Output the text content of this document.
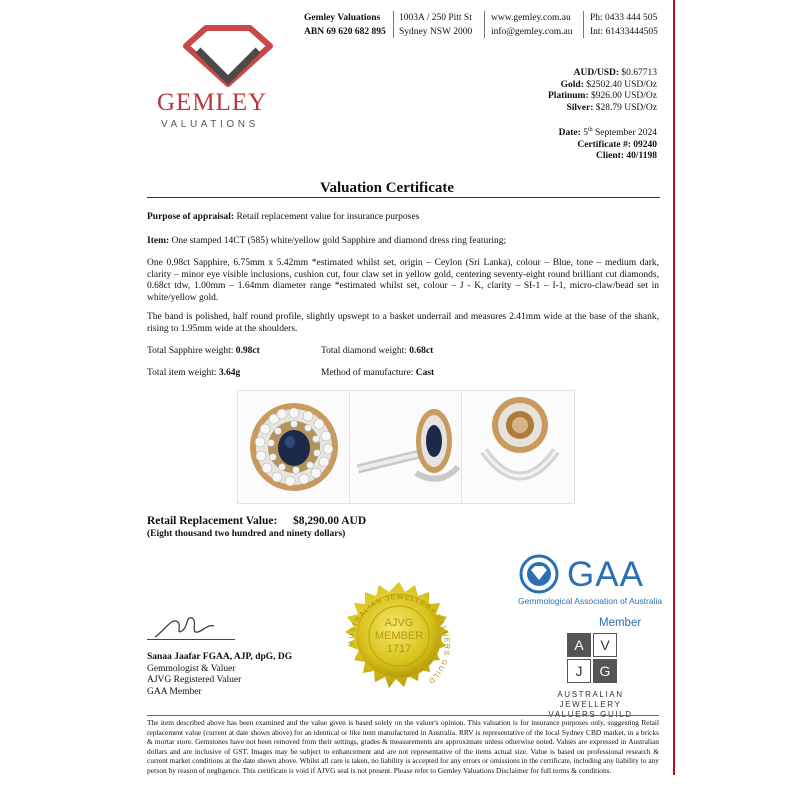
GEMLEY
VALUATIONS
Gemley Valuations
ABN 69 620 682 895
1003A / 250 Pitt St
Sydney NSW 2000
www.gemley.com.au
info@gemley.com.au
Ph: 0433 444 505
Int: 61433444505
AUD/USD: $0.67713
Gold: $2502.40 USD/Oz
Platinum: $926.00 USD/Oz
Silver: $28.79 USD/Oz
Date: 5th September 2024
Certificate #: 09240
Client: 40/1198
Valuation Certificate
Purpose of appraisal: Retail replacement value for insurance purposes
Item: One stamped 14CT (585) white/yellow gold Sapphire and diamond dress ring featuring;
One 0.98ct Sapphire, 6.75mm x 5.42mm *estimated whilst set, origin – Ceylon (Sri Lanka), colour – Blue, tone – medium dark, clarity – minor eye visible inclusions, cushion cut, four claw set in yellow gold, centering seventy-eight round brilliant cut diamonds, 0.68ct tdw, 1.00mm – 1.64mm diameter range *estimated whilst set, colour – J - K, clarity – SI-1 – I-1, micro-claw/bead set in white/yellow gold.
The band is polished, half round profile, slightly upswept to a basket underrail and measures 2.41mm wide at the base of the shank, rising to 1.95mm wide at the shoulders.
Total Sapphire weight: 0.98ct	Total diamond weight: 0.68ct
Total item weight: 3.64g	Method of manufacture: Cast
Retail Replacement Value: $8,290.00 AUD
(Eight thousand two hundred and ninety dollars)
AUSTRALIAN JEWELLERY VALUERS GUILD
AJVG
MEMBER
1717
GAA
Gemmological Association of Australia
Member
A	V
J	G
AUSTRALIAN JEWELLERY
Sanaa Jaafar FGAA, AJP, dpG, DG
Gemmologist & Valuer
AJVG Registered Valuer
GAA Member
The item described above has been examined and the value given is based solely on the valuer's opinion. This valuation is for insurance purposes only, suggesting Retail replacement value (current at date shown above) for an identical or like item manufactured in Australia. RRV is representative of the local Sydney CBD market, in a bricks & mortar store. Gemstones have not been removed from their settings, grades & measurements are approximate unless otherwise noted. Values are expressed in Australian dollars and are inclusive of GST. Images may be subject to enhancement and are not representative of the items actual size. Value is based on professional research & current market conditions at the date shown above. Whilst all care is taken, no liability is accepted for any errors or omissions in the certificate, including any liability to any person by reason of negligence. This certificate is void if AJVG seal is not present. Please refer to Gemley Valuations Disclaimer for full terms & conditions.
